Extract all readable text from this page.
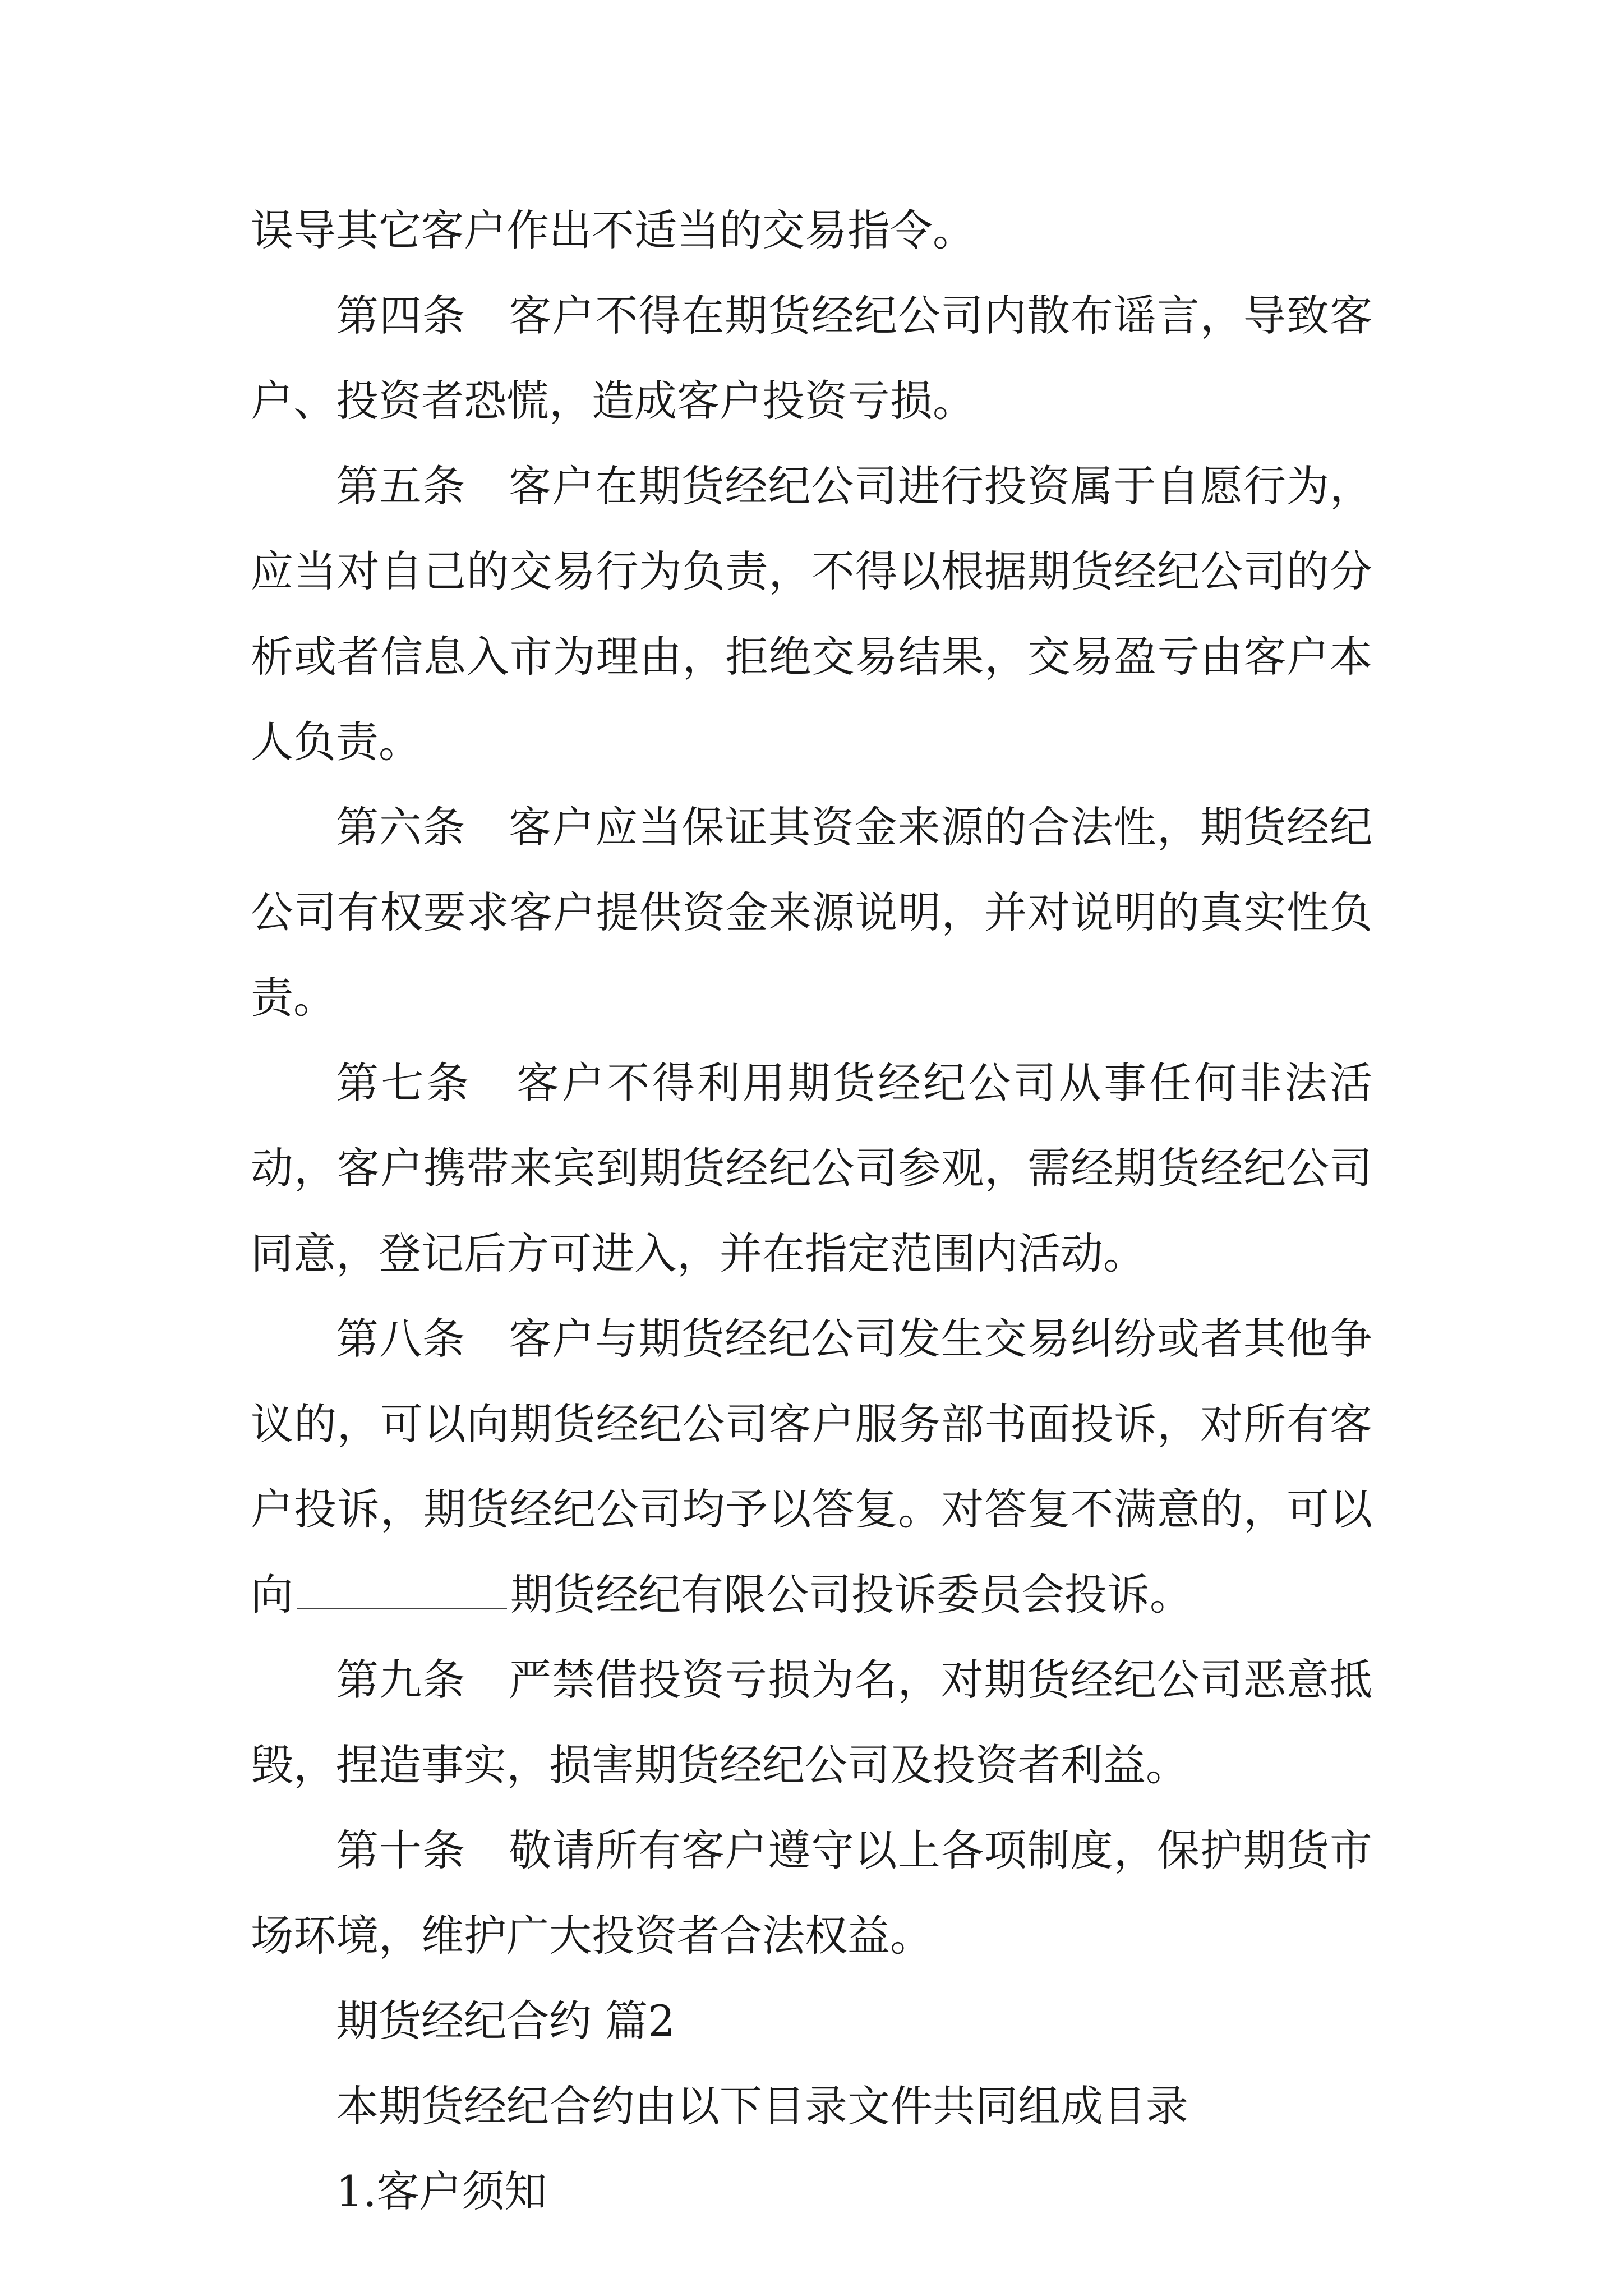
误导其它客户作出不适当的交易指令。

第四条　客户不得在期货经纪公司内散布谣言，导致客户、投资者恐慌，造成客户投资亏损。

第五条　客户在期货经纪公司进行投资属于自愿行为，应当对自己的交易行为负责，不得以根据期货经纪公司的分析或者信息入市为理由，拒绝交易结果，交易盈亏由客户本人负责。

第六条　客户应当保证其资金来源的合法性，期货经纪公司有权要求客户提供资金来源说明，并对说明的真实性负责。

第七条　客户不得利用期货经纪公司从事任何非法活动，客户携带来宾到期货经纪公司参观，需经期货经纪公司同意，登记后方可进入，并在指定范围内活动。

第八条　客户与期货经纪公司发生交易纠纷或者其他争议的，可以向期货经纪公司客户服务部书面投诉，对所有客户投诉，期货经纪公司均予以答复。对答复不满意的，可以向	期货经纪有限公司投诉委员会投诉。

第九条　严禁借投资亏损为名，对期货经纪公司恶意抵毁，捏造事实，损害期货经纪公司及投资者利益。

第十条　敬请所有客户遵守以上各项制度，保护期货市场环境，维护广大投资者合法权益。

期货经纪合约 篇2

本期货经纪合约由以下目录文件共同组成目录

1.客户须知
